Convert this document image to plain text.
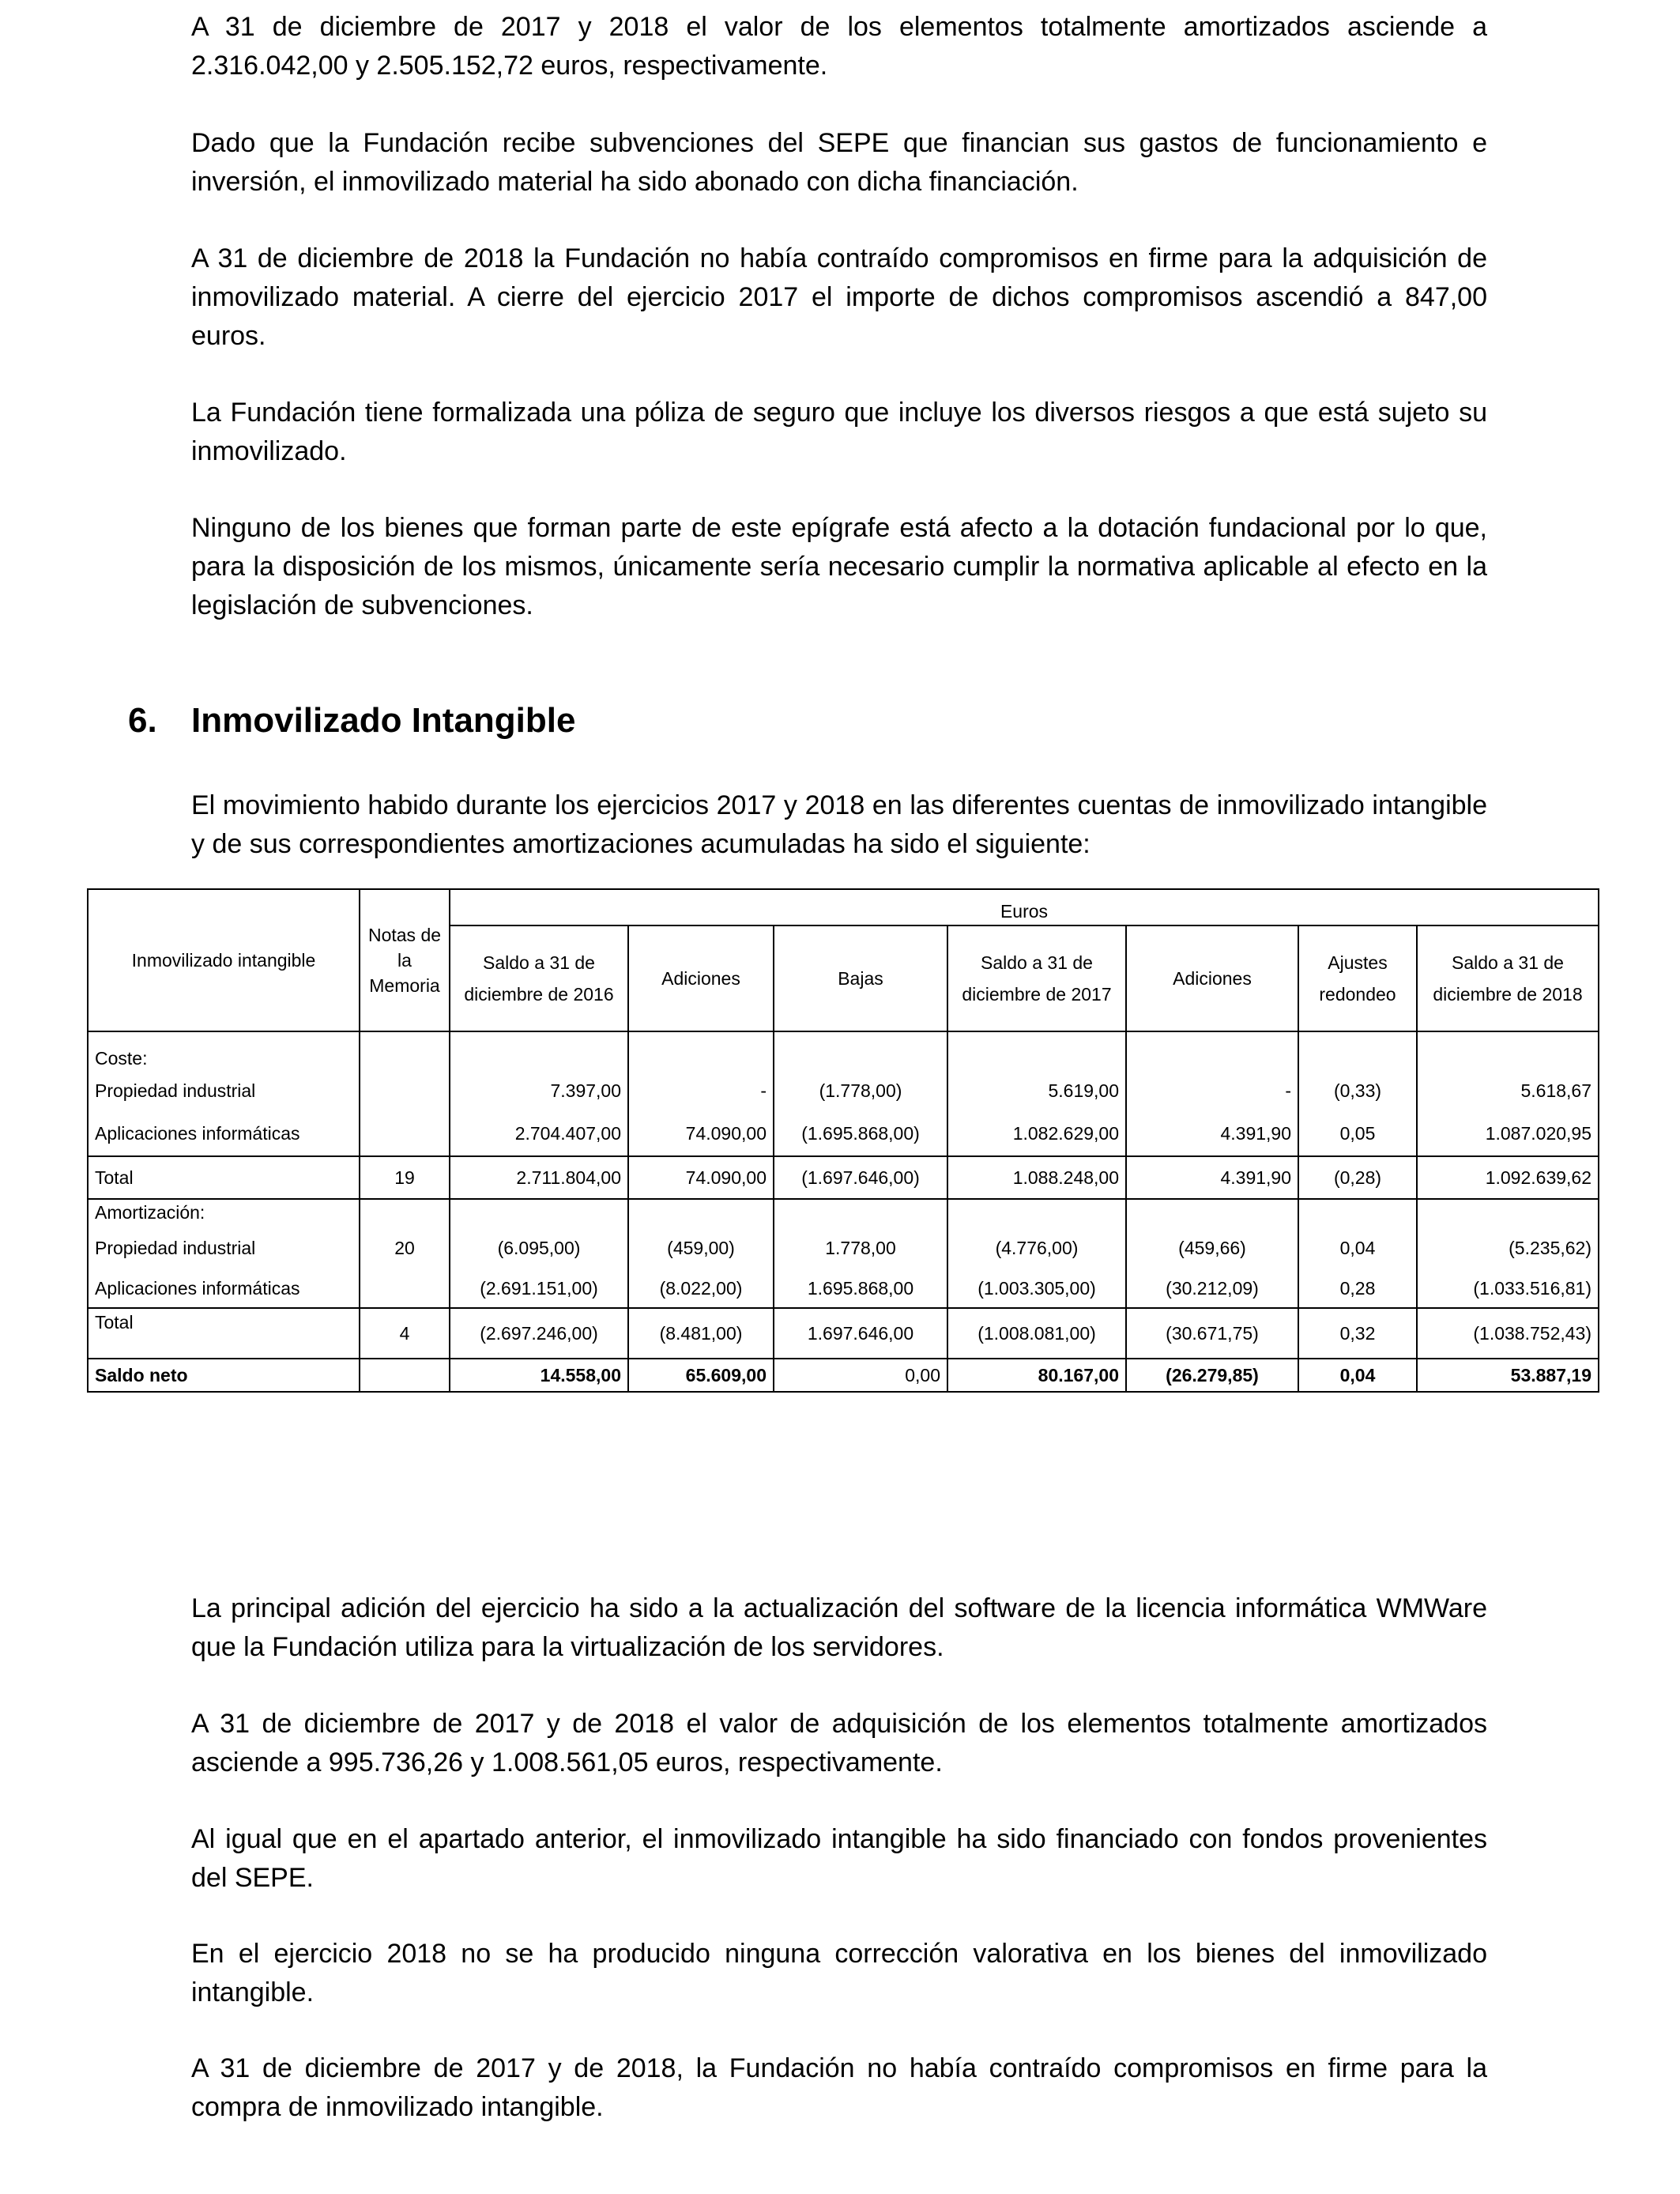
A 31 de diciembre de 2017 y 2018 el valor de los elementos totalmente amortizados asciende a 2.316.042,00 y 2.505.152,72 euros, respectivamente.

Dado que la Fundación recibe subvenciones del SEPE que financian sus gastos de funcionamiento e inversión, el inmovilizado material ha sido abonado con dicha financiación.

A 31 de diciembre de 2018 la Fundación no había contraído compromisos en firme para la adquisición de inmovilizado material. A cierre del ejercicio 2017 el importe de dichos compromisos ascendió a 847,00 euros.

La Fundación tiene formalizada una póliza de seguro que incluye los diversos riesgos a que está sujeto su inmovilizado.

Ninguno de los bienes que forman parte de este epígrafe está afecto a la dotación fundacional por lo que, para la disposición de los mismos, únicamente sería necesario cumplir la normativa aplicable al efecto en la legislación de subvenciones.

6. Inmovilizado Intangible

El movimiento habido durante los ejercicios 2017 y 2018 en las diferentes cuentas de inmovilizado intangible y de sus correspondientes amortizaciones acumuladas ha sido el siguiente:

Inmovilizado intangible	Notas de la Memoria	Euros						
		Saldo a 31 de diciembre de 2016	Adiciones	Bajas	Saldo a 31 de diciembre de 2017	Adiciones	Ajustes redondeo	Saldo a 31 de diciembre de 2018
Coste:								
Propiedad industrial		7.397,00	-	(1.778,00)	5.619,00	-	(0,33)	5.618,67
Aplicaciones informáticas		2.704.407,00	74.090,00	(1.695.868,00)	1.082.629,00	4.391,90	0,05	1.087.020,95
Total	19	2.711.804,00	74.090,00	(1.697.646,00)	1.088.248,00	4.391,90	(0,28)	1.092.639,62
Amortización:								
Propiedad industrial	20	(6.095,00)	(459,00)	1.778,00	(4.776,00)	(459,66)	0,04	(5.235,62)
Aplicaciones informáticas		(2.691.151,00)	(8.022,00)	1.695.868,00	(1.003.305,00)	(30.212,09)	0,28	(1.033.516,81)
Total	4	(2.697.246,00)	(8.481,00)	1.697.646,00	(1.008.081,00)	(30.671,75)	0,32	(1.038.752,43)
Saldo neto		14.558,00	65.609,00	0,00	80.167,00	(26.279,85)	0,04	53.887,19

La principal adición del ejercicio ha sido a la actualización del software de la licencia informática WMWare que la Fundación utiliza para la virtualización de los servidores.

A 31 de diciembre de 2017 y de 2018 el valor de adquisición de los elementos totalmente amortizados asciende a 995.736,26 y 1.008.561,05 euros, respectivamente.

Al igual que en el apartado anterior, el inmovilizado intangible ha sido financiado con fondos provenientes del SEPE.

En el ejercicio 2018 no se ha producido ninguna corrección valorativa en los bienes del inmovilizado intangible.

A 31 de diciembre de 2017 y de 2018, la Fundación no había contraído compromisos en firme para la compra de inmovilizado intangible.
